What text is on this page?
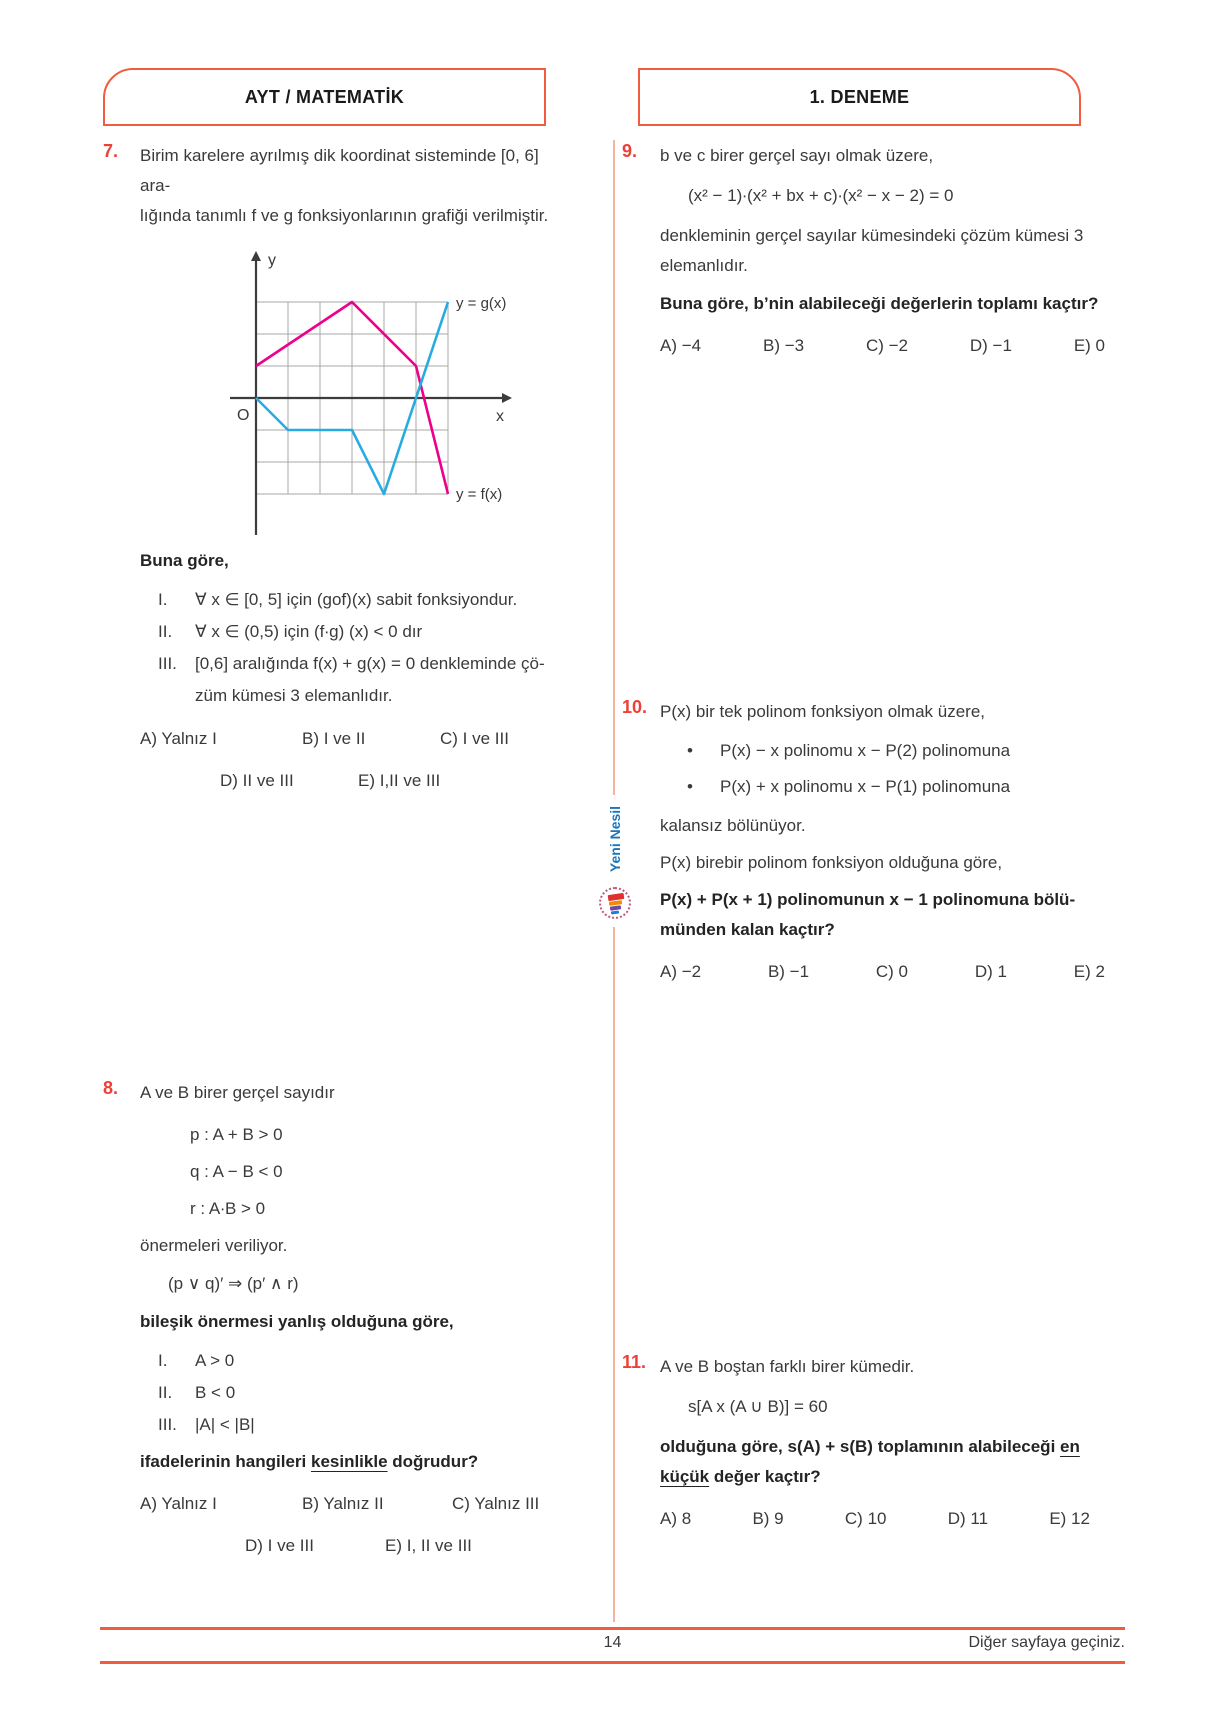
AYT / MATEMATİK	1. DENEME
7.	Birim karelere ayrılmış dik koordinat sisteminde [0, 6] ara-
lığında tanımlı f ve g fonksiyonlarının grafiği verilmiştir.
y
x
O
y = g(x)
y = f(x)
Buna göre,
I.	∀ x ∈ [0, 5] için (gof)(x) sabit fonksiyondur.
II.	∀ x ∈ (0,5) için (f∙g) (x) < 0 dır
III.	[0,6] aralığında f(x) + g(x) = 0 denkleminde çö-
züm kümesi 3 elemanlıdır.
A) Yalnız I	B) I ve II	C) I ve III
D) II ve III	E) I,II ve III
8.	A ve B birer gerçel sayıdır
p : A + B > 0
q : A − B < 0
r : A∙B > 0
önermeleri veriliyor.
(p ∨ q)′ ⇒ (p′ ∧ r)
bileşik önermesi yanlış olduğuna göre,
I.	A > 0
II.	B < 0
III.	|A| < |B|
ifadelerinin hangileri kesinlikle doğrudur?
A) Yalnız I	B) Yalnız II	C) Yalnız III
D) I ve III	E) I, II ve III
9.	b ve c birer gerçel sayı olmak üzere,
(x² − 1)∙(x² + bx + c)∙(x² − x − 2) = 0
denkleminin gerçel sayılar kümesindeki çözüm kümesi 3
elemanlıdır.
Buna göre, b’nin alabileceği değerlerin toplamı kaçtır?
A) −4	B) −3	C) −2	D) −1	E) 0
10. P(x) bir tek polinom fonksiyon olmak üzere,
•	P(x) − x polinomu x − P(2) polinomuna
•	P(x) + x polinomu x − P(1) polinomuna
kalansız bölünüyor.
P(x) birebir polinom fonksiyon olduğuna göre,
P(x) + P(x + 1) polinomunun x − 1 polinomuna bölü-
münden kalan kaçtır?
A) −2	B) −1	C) 0	D) 1	E) 2
11. A ve B boştan farklı birer kümedir.
s[A x (A ∪ B)] = 60
olduğuna göre, s(A) + s(B) toplamının alabileceği en
küçük değer kaçtır?
A) 8	B) 9	C) 10	D) 11	E) 12
Yeni Nesil
14	Diğer sayfaya geçiniz.
